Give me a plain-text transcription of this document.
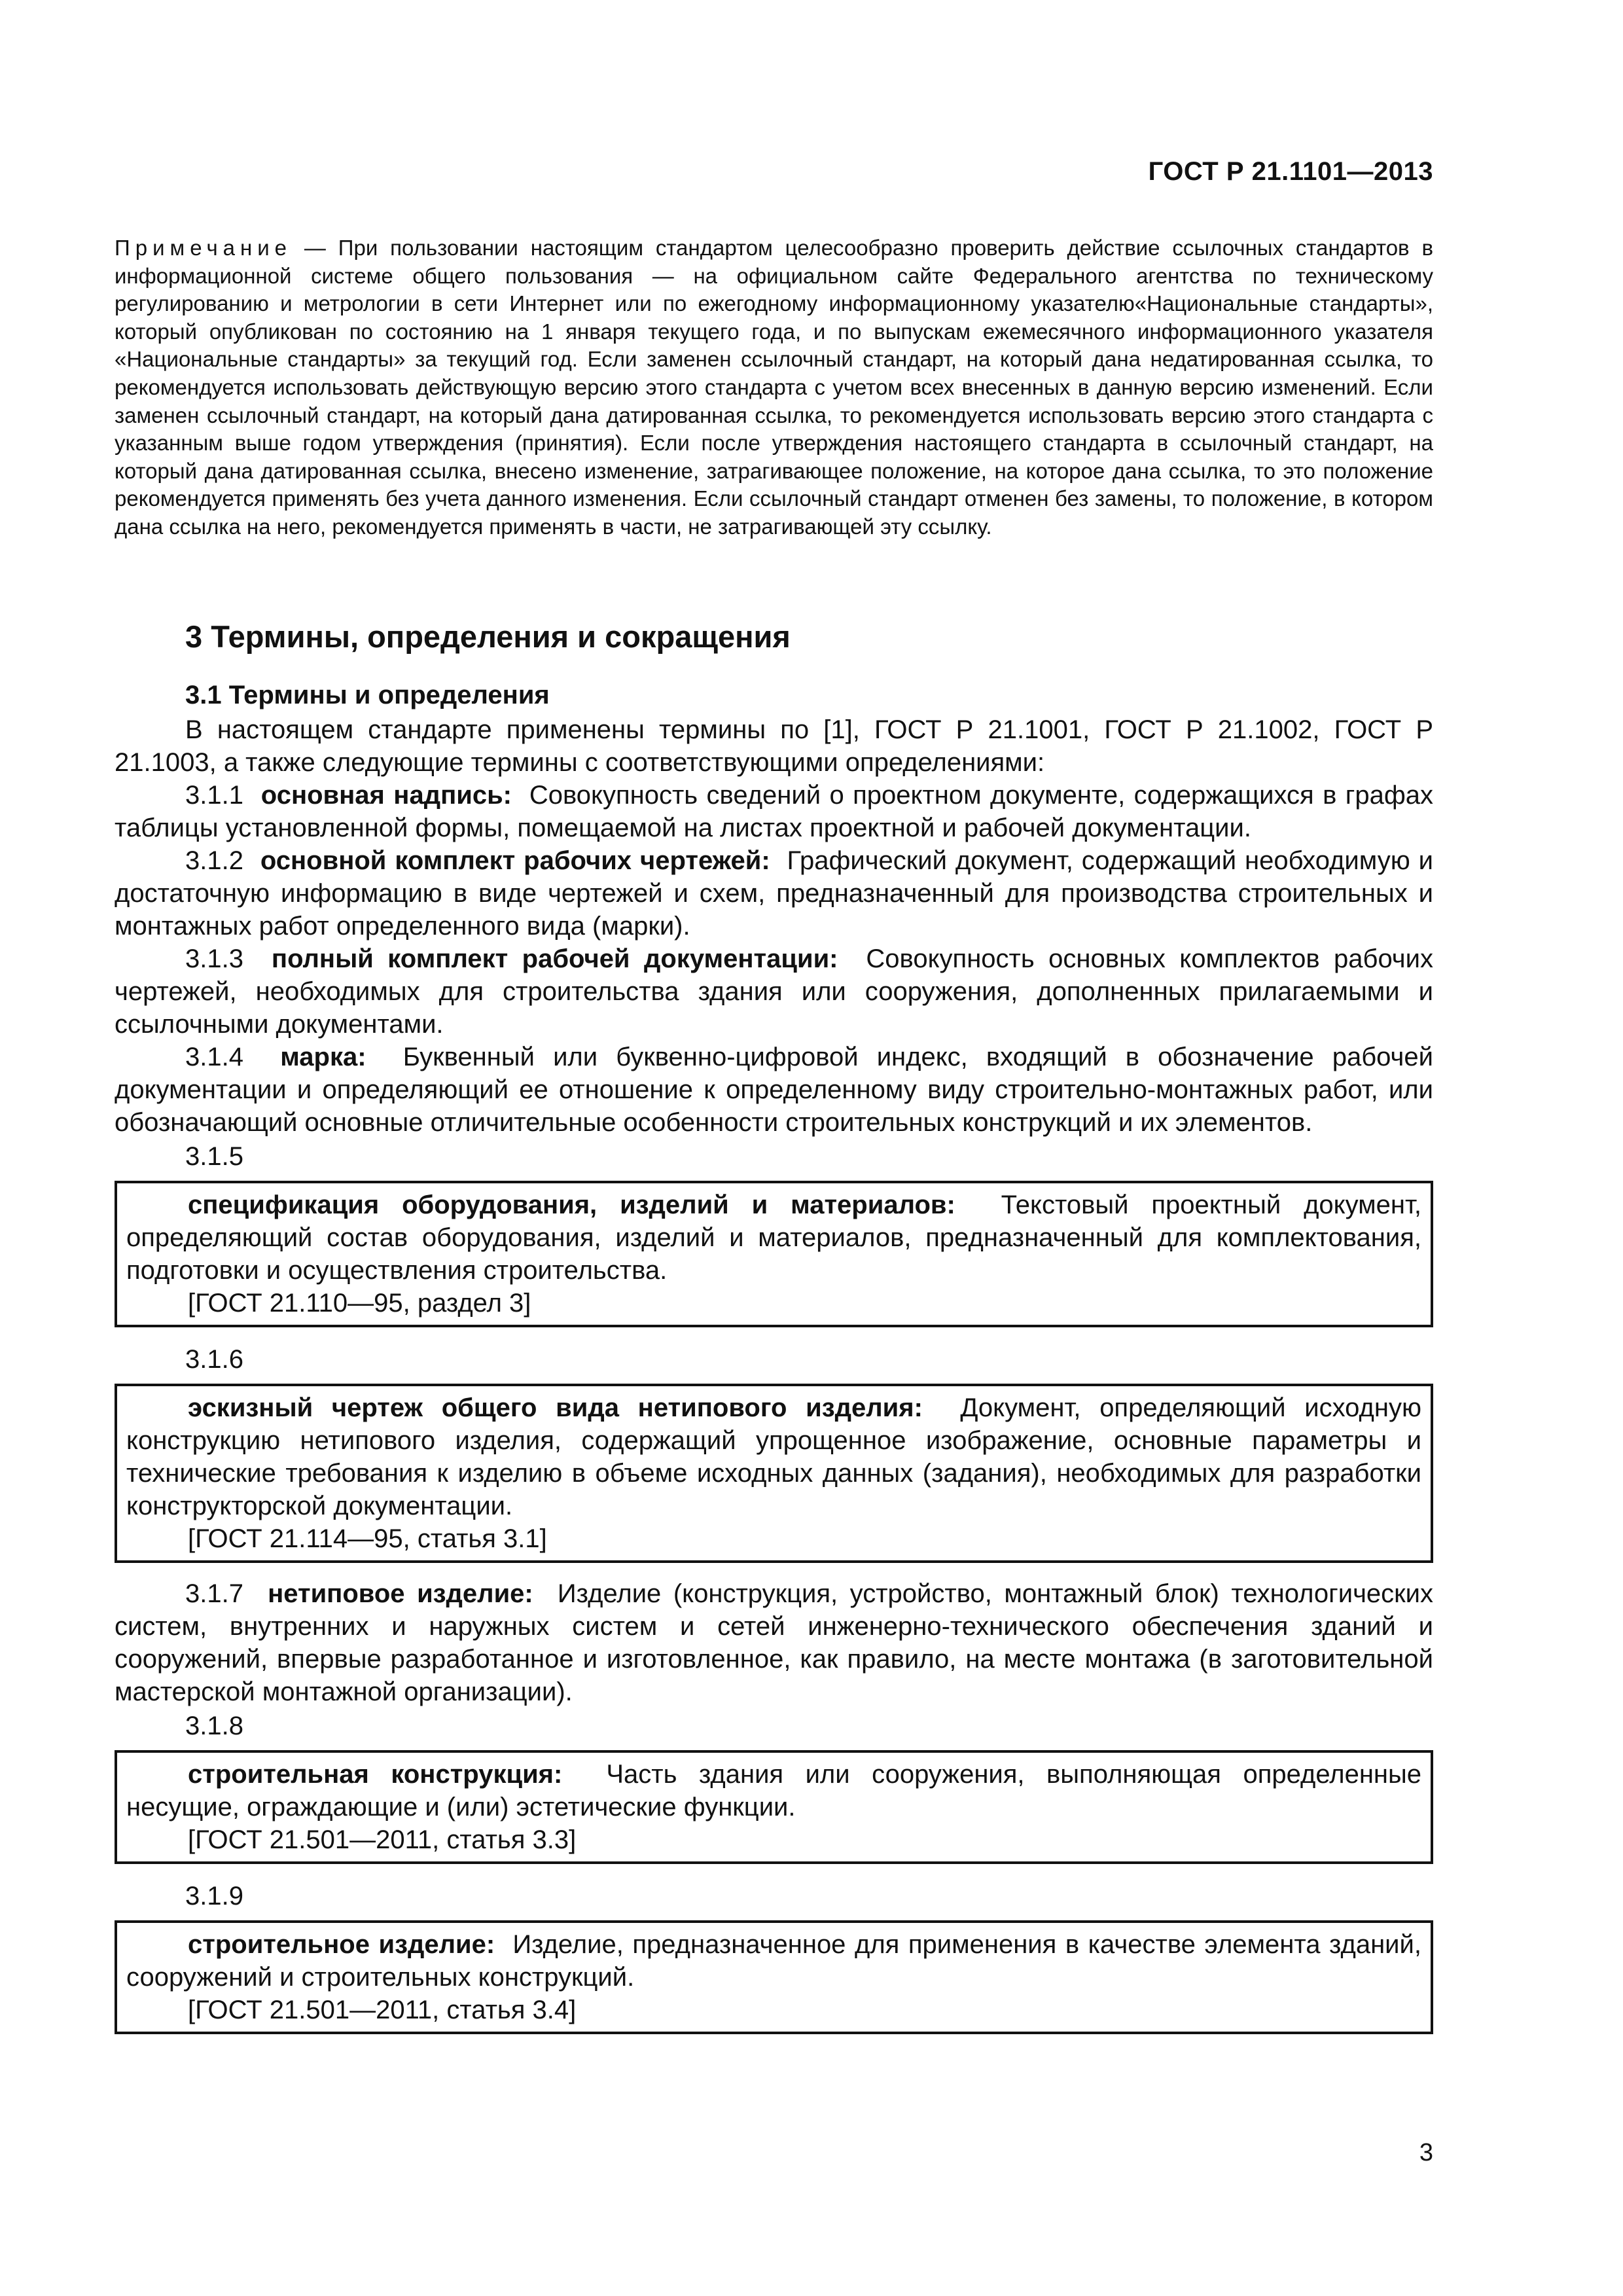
ГОСТ Р 21.1101—2013
Примечание — При пользовании настоящим стандартом целесообразно проверить действие ссылочных стандартов в информационной системе общего пользования — на официальном сайте Федерального агентства по техническому регулированию и метрологии в сети Интернет или по ежегодному информационному указателю«Национальные стандарты», который опубликован по состоянию на 1 января текущего года, и по выпускам ежемесячного информационного указателя «Национальные стандарты» за текущий год. Если заменен ссылочный стандарт, на который дана недатированная ссылка, то рекомендуется использовать действующую версию этого стандарта с учетом всех внесенных в данную версию изменений. Если заменен ссылочный стандарт, на который дана датированная ссылка, то рекомендуется использовать версию этого стандарта с указанным выше годом утверждения (принятия). Если после утверждения настоящего стандарта в ссылочный стандарт, на который дана датированная ссылка, внесено изменение, затрагивающее положение, на которое дана ссылка, то это положение рекомендуется применять без учета данного изменения. Если ссылочный стандарт отменен без замены, то положение, в котором дана ссылка на него, рекомендуется применять в части, не затрагивающей эту ссылку.
3 Термины, определения и сокращения
3.1 Термины и определения

В настоящем стандарте применены термины по [1], ГОСТ Р 21.1001, ГОСТ Р 21.1002, ГОСТ Р 21.1003, а также следующие термины с соответствующими определениями:

3.1.1 основная надпись: Совокупность сведений о проектном документе, содержащихся в графах таблицы установленной формы, помещаемой на листах проектной и рабочей документации.

3.1.2 основной комплект рабочих чертежей: Графический документ, содержащий необходимую и достаточную информацию в виде чертежей и схем, предназначенный для производства строительных и монтажных работ определенного вида (марки).

3.1.3 полный комплект рабочей документации: Совокупность основных комплектов рабочих чертежей, необходимых для строительства здания или сооружения, дополненных прилагаемыми и ссылочными документами.

3.1.4 марка: Буквенный или буквенно-цифровой индекс, входящий в обозначение рабочей документации и определяющий ее отношение к определенному виду строительно-монтажных работ, или обозначающий основные отличительные особенности строительных конструкций и их элементов.

3.1.5

спецификация оборудования, изделий и материалов: Текстовый проектный документ, определяющий состав оборудования, изделий и материалов, предназначенный для комплектования, подготовки и осуществления строительства.

[ГОСТ 21.110—95, раздел 3]

3.1.6

эскизный чертеж общего вида нетипового изделия: Документ, определяющий исходную конструкцию нетипового изделия, содержащий упрощенное изображение, основные параметры и технические требования к изделию в объеме исходных данных (задания), необходимых для разработки конструкторской документации.

[ГОСТ 21.114—95, статья 3.1]

3.1.7 нетиповое изделие: Изделие (конструкция, устройство, монтажный блок) технологических систем, внутренних и наружных систем и сетей инженерно-технического обеспечения зданий и сооружений, впервые разработанное и изготовленное, как правило, на месте монтажа (в заготовительной мастерской монтажной организации).

3.1.8

строительная конструкция: Часть здания или сооружения, выполняющая определенные несущие, ограждающие и (или) эстетические функции.

[ГОСТ 21.501—2011, статья 3.3]

3.1.9

строительное изделие: Изделие, предназначенное для применения в качестве элемента зданий, сооружений и строительных конструкций.

[ГОСТ 21.501—2011, статья 3.4]

3
